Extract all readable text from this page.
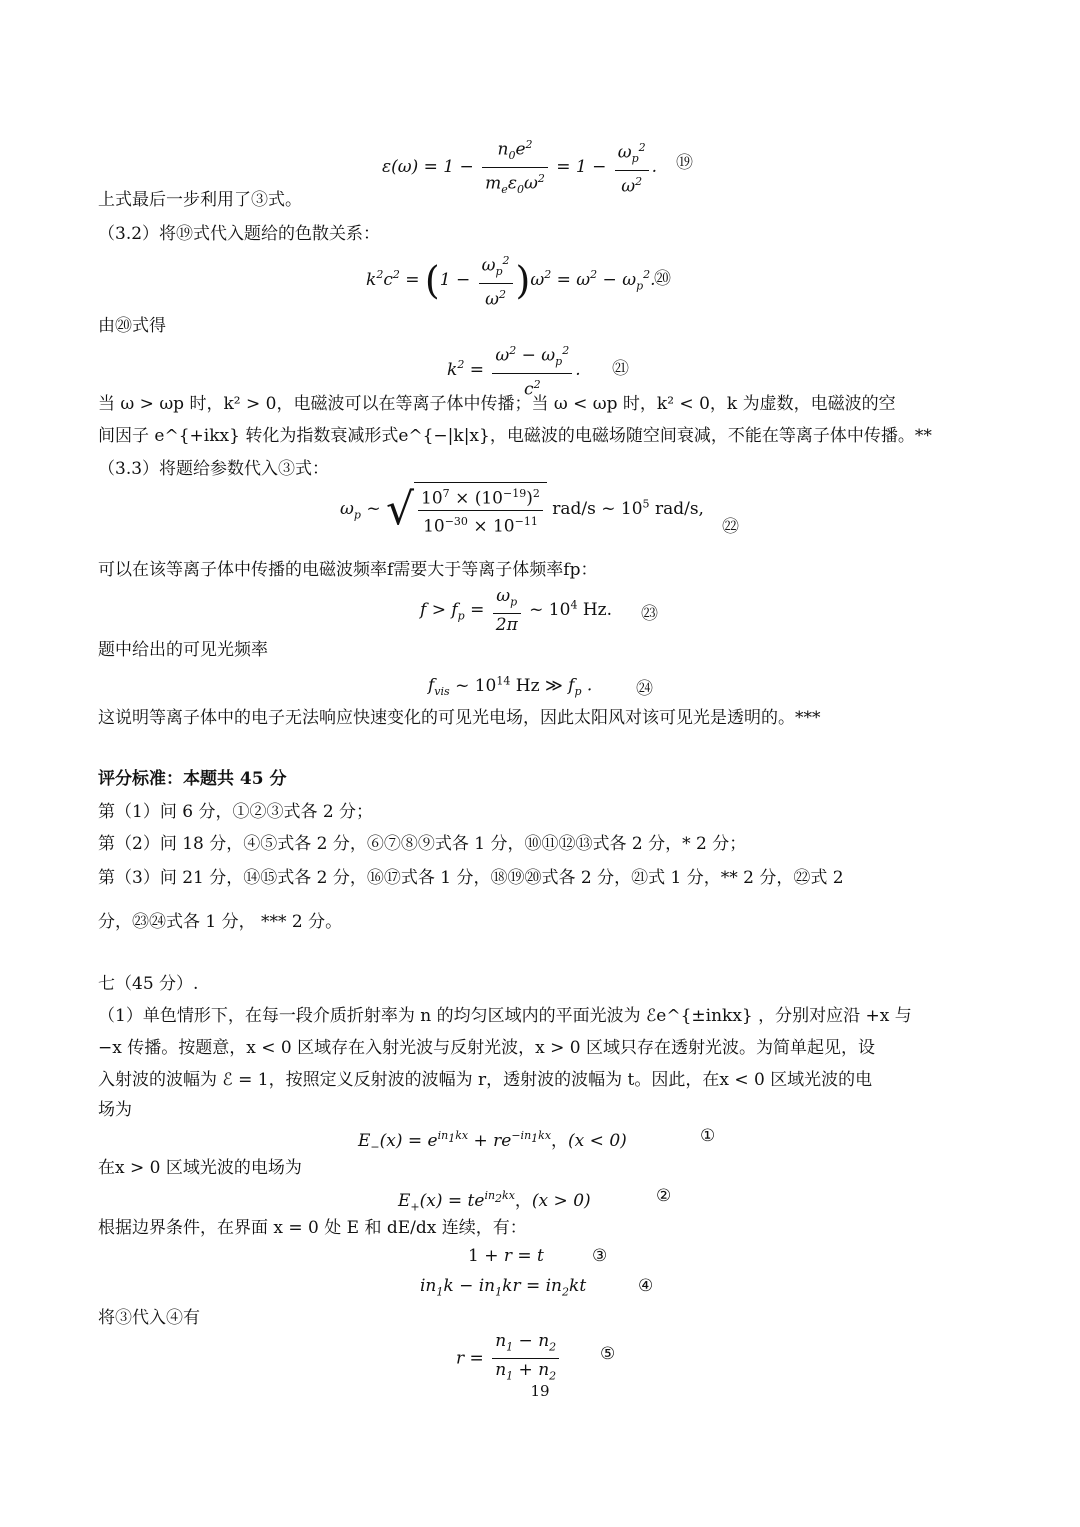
$\varepsilon(\omega) = 1 - \frac{n_0e^2}{m_e\varepsilon_0\omega^2} = 1 - \frac{\omega_p^2}{\omega^2}$ . ⑲
上式最后一步利用了③式。
（3.2）将⑲式代入题给的色散关系：
$k^2c^2 = (1 - \frac{\omega_p^2}{\omega^2} )\omega^2 = \omega^2 - \omega_p^2$.
⑳
由⑳式得
$k^2 = \frac{\omega^2 - \omega_p^2}{c^2}$ . ㉑
当 ω > ωp 时，k² > 0，电磁波可以在等离子体中传播；当 ω < ωp 时，k² < 0，k 为虚数，电磁波的空
间因子 e^{+ikx} 转化为指数衰减形式e^{−|k|x}，电磁波的电磁场随空间衰减，不能在等离子体中传播。**
（3.3）将题给参数代入③式：
$\omega_p$ ~ √ $\frac{10^7 \times (10^{-19})^2}{10^{-30} \times 10^{-11}} rad/s$ ~ $10^5$ rad/s,
㉒
可以在该等离子体中传播的电磁波频率f需要大于等离子体频率fp：
$f > f_p = \frac{\omega_p}{2\pi}$ ~ $10^4$ Hz. ㉓
题中给出的可见光频率
$f_{vis}$ ~ $10^{14}$ Hz ≫ $f_p$ .	㉔
这说明等离子体中的电子无法响应快速变化的可见光电场，因此太阳风对该可见光是透明的。***
评分标准：本题共 45 分
第（1）问 6 分，①②③式各 2 分；
第（2）问 18 分，④⑤式各 2 分，⑥⑦⑧⑨式各 1 分，⑩⑪⑫⑬式各 2 分，* 2 分；
第（3）问 21 分，⑭⑮式各 2 分，⑯⑰式各 1 分，⑱⑲⑳式各 2 分，㉑式 1 分，** 2 分，㉒式 2
分，㉓㉔式各 1 分， *** 2 分。
七（45 分）.
（1）单色情形下，在每一段介质折射率为 n 的均匀区域内的平面光波为 ℰe^{±inkx} ，分别对应沿 +x 与
−x 传播。按题意，x < 0 区域存在入射光波与反射光波，x > 0 区域只存在透射光波。为简单起见，设
入射波的波幅为 ℰ = 1，按照定义反射波的波幅为 r，透射波的波幅为 t。因此，在x < 0 区域光波的电
场为
$E_-(x) = e^{in_1kx} + re^{-in_1kx}$，(x < 0)	①
在x > 0 区域光波的电场为
$E_+(x) = te^{in_2kx}$，(x > 0)	②
根据边界条件，在界面 x = 0 处 E 和 dE/dx 连续，有：
1 + r = t	③
$in_1k - in_1kr = in_2kt$	④
将③代入④有
$r = \frac{n_1 - n_2}{n_1 + n_2}$ ⑤
19
